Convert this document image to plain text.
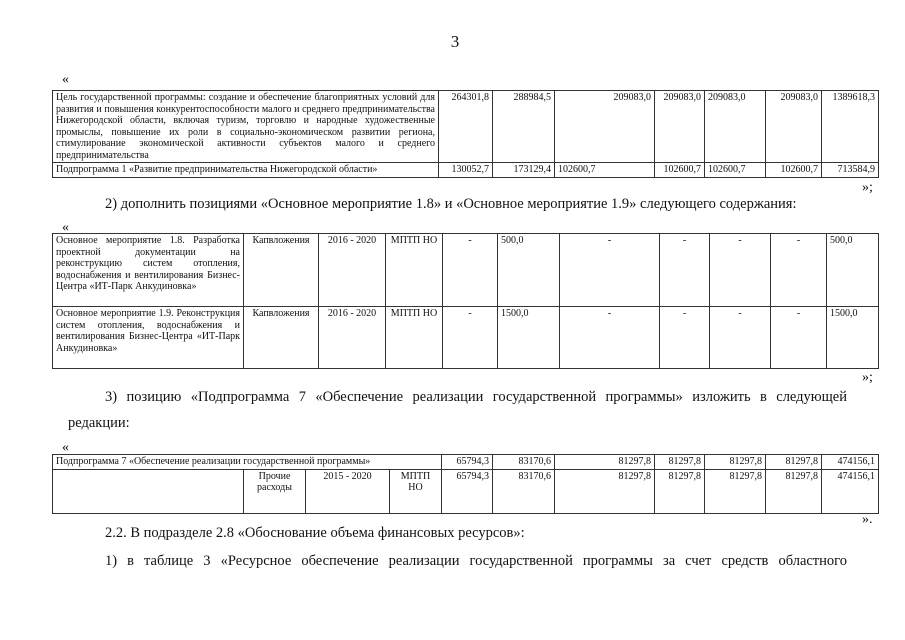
3
«
Цель государственной программы: создание и обеспечение благоприятных условий для развития и повышения конкурентоспособности малого и среднего предпринимательства Нижегородской области, включая туризм, торговлю и народные художественные промыслы, повышение их роли в социально-экономическом развитии региона, стимулирование экономической активности субъектов малого и среднего предпринимательства	264301,8	288984,5	209083,0	209083,0	209083,0	209083,0	1389618,3
Подпрограмма 1 «Развитие предпринимательства Нижегородской области»	130052,7	173129,4	102600,7	102600,7	102600,7	102600,7	713584,9
»;
2) дополнить позициями «Основное мероприятие 1.8» и «Основное мероприятие 1.9» следующего содержания:
«
Основное мероприятие 1.8. Разработка проектной документации на реконструкцию систем отопления, водоснабжения и вентилирования Бизнес-Центра «ИТ-Парк Анкудиновка»	Капвложения	2016 - 2020	МПТП НО	-	500,0	-	-	-	-	500,0
Основное мероприятие 1.9. Реконструкция систем отопления, водоснабжения и вентилирования Бизнес-Центра «ИТ-Парк Анкудиновка»	Капвложения	2016 - 2020	МПТП НО	-	1500,0	-	-	-	-	1500,0
»;
3) позицию «Подпрограмма 7 «Обеспечение реализации государственной программы» изложить в следующей
редакции:
«
Подпрограмма 7 «Обеспечение реализации государственной программы»				65794,3	83170,6	81297,8	81297,8	81297,8	81297,8	474156,1
	Прочие расходы	2015 - 2020	МПТП НО	65794,3	83170,6	81297,8	81297,8	81297,8	81297,8	474156,1
».
2.2. В подразделе 2.8 «Обоснование объема финансовых ресурсов»:
1) в таблице 3 «Ресурсное обеспечение реализации государственной программы за счет средств областного
